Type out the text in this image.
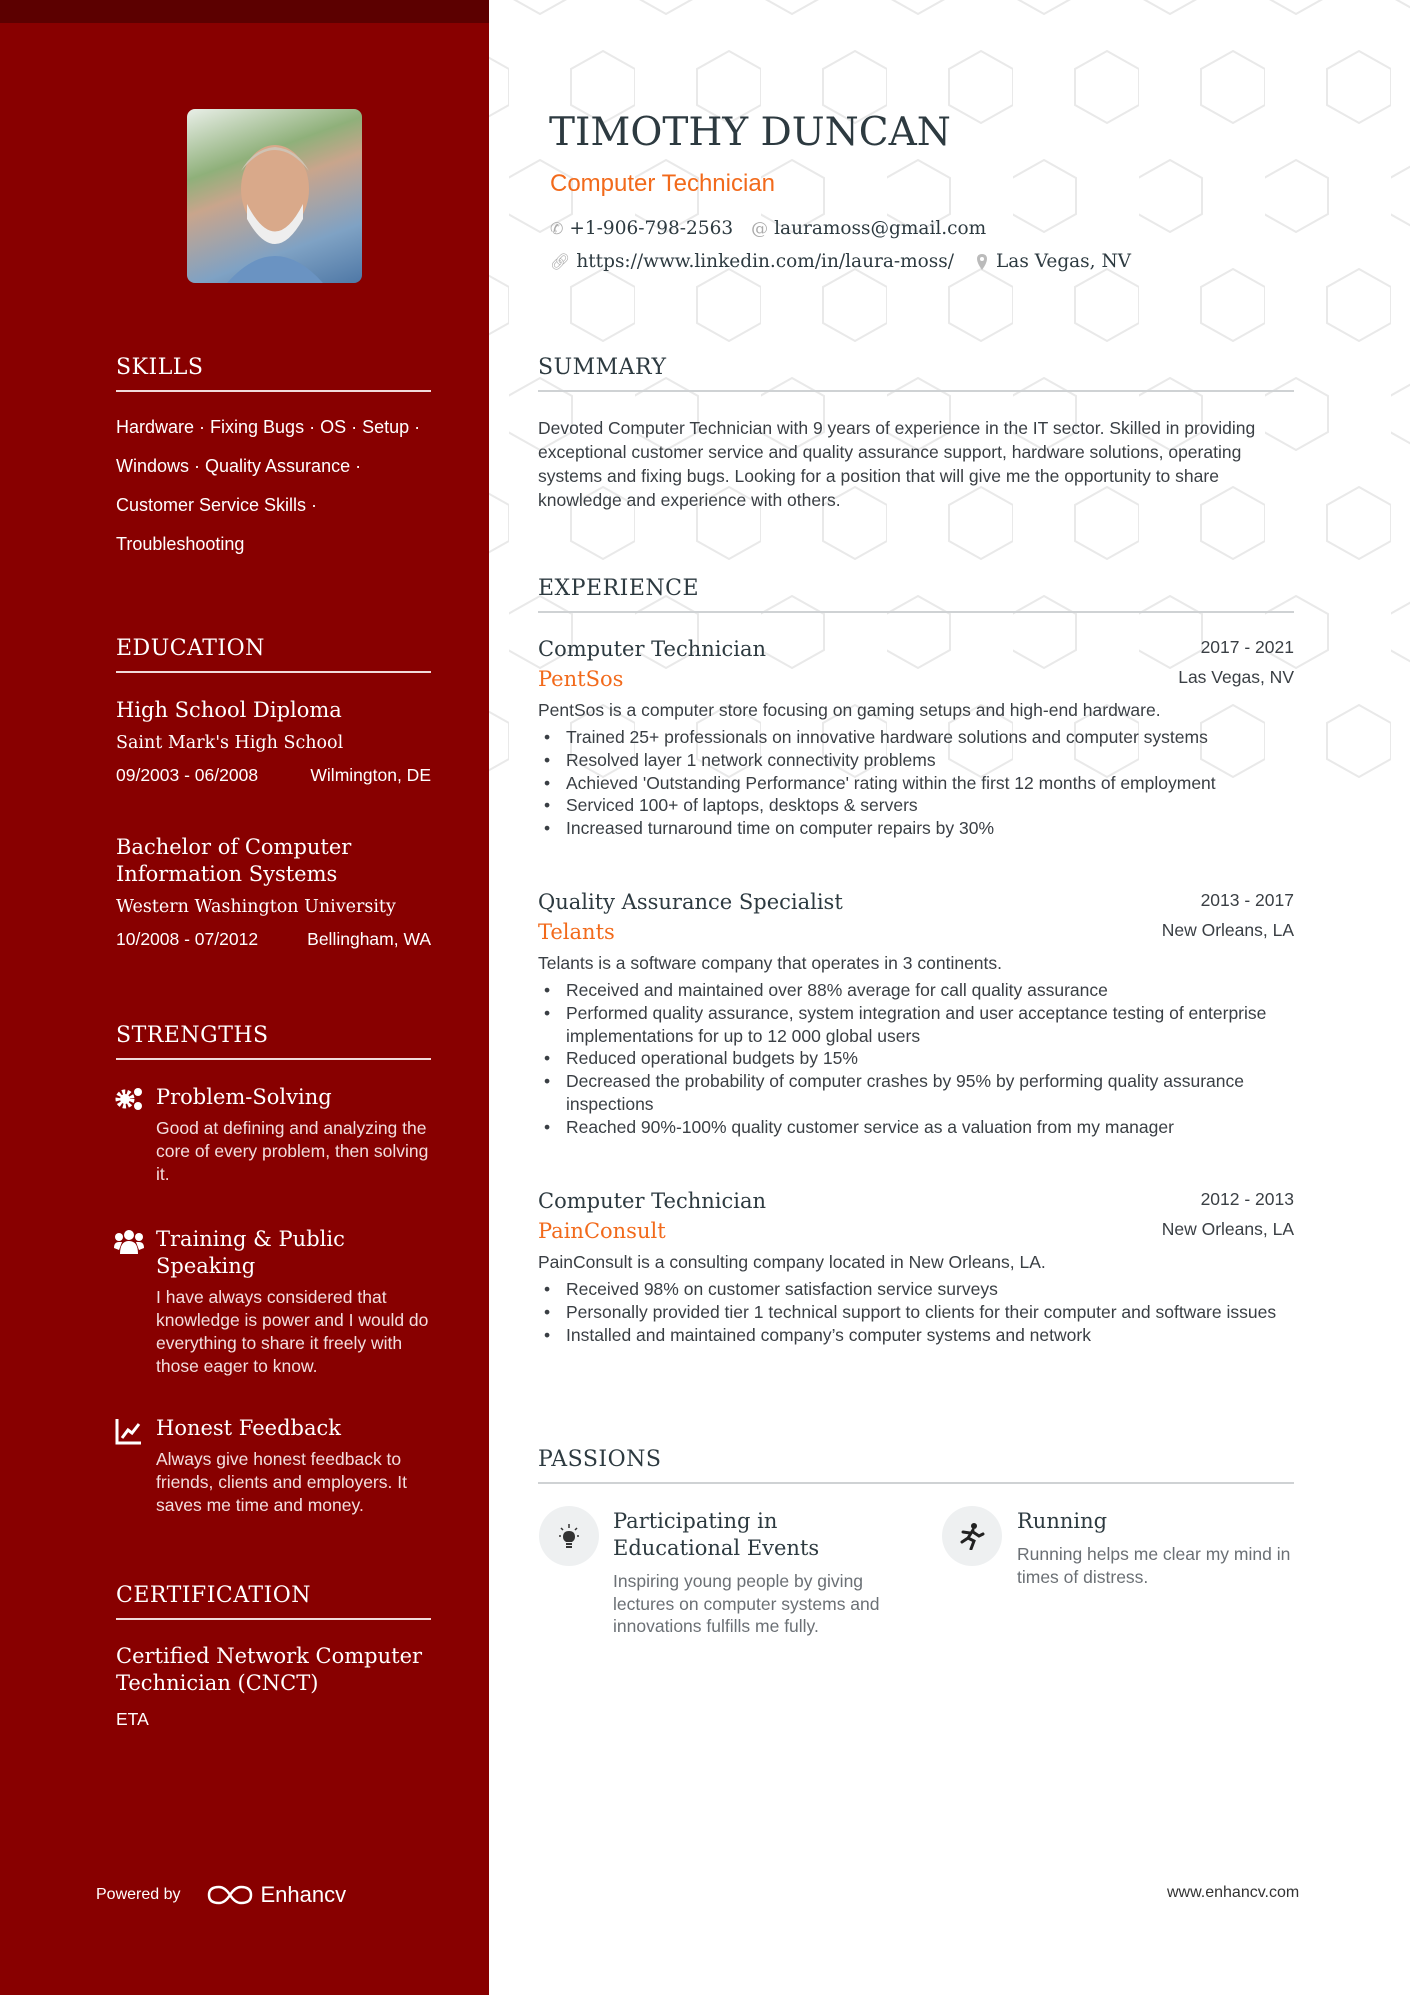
SKILLS
Hardware · Fixing Bugs · OS · Setup ·
Windows · Quality Assurance ·
Customer Service Skills ·
Troubleshooting
EDUCATION
High School Diploma
Saint Mark's High School
09/2003 - 06/2008	Wilmington, DE
Bachelor of Computer Information Systems
Western Washington University
10/2008 - 07/2012	Bellingham, WA
STRENGTHS
Problem-Solving
Good at defining and analyzing the core of every problem, then solving it.
Training & Public Speaking
I have always considered that knowledge is power and I would do everything to share it freely with those eager to know.
Honest Feedback
Always give honest feedback to friends, clients and employers. It saves me time and money.
CERTIFICATION
Certified Network Computer Technician (CNCT)
ETA
Powered by	Enhancv
TIMOTHY DUNCAN
Computer Technician
✆ +1-906-798-2563 @ lauramoss@gmail.com
🔗︎ https://www.linkedin.com/in/laura-moss/ Las Vegas, NV
SUMMARY
Devoted Computer Technician with 9 years of experience in the IT sector. Skilled in providing exceptional customer service and quality assurance support, hardware solutions, operating systems and fixing bugs. Looking for a position that will give me the opportunity to share knowledge and experience with others.
EXPERIENCE
Computer Technician	2017 - 2021
PentSos	Las Vegas, NV
PentSos is a computer store focusing on gaming setups and high-end hardware.
• Trained 25+ professionals on innovative hardware solutions and computer systems
• Resolved layer 1 network connectivity problems
• Achieved 'Outstanding Performance' rating within the first 12 months of employment
• Serviced 100+ of laptops, desktops & servers
• Increased turnaround time on computer repairs by 30%
Quality Assurance Specialist	2013 - 2017
Telants	New Orleans, LA
Telants is a software company that operates in 3 continents.
• Received and maintained over 88% average for call quality assurance
• Performed quality assurance, system integration and user acceptance testing of enterprise implementations for up to 12 000 global users
• Reduced operational budgets by 15%
• Decreased the probability of computer crashes by 95% by performing quality assurance inspections
• Reached 90%-100% quality customer service as a valuation from my manager
Computer Technician	2012 - 2013
PainConsult	New Orleans, LA
PainConsult is a consulting company located in New Orleans, LA.
• Received 98% on customer satisfaction service surveys
• Personally provided tier 1 technical support to clients for their computer and software issues
• Installed and maintained company’s computer systems and network
PASSIONS
Participating in Educational Events
Inspiring young people by giving lectures on computer systems and innovations fulfills me fully.
Running
Running helps me clear my mind in times of distress.
www.enhancv.com
